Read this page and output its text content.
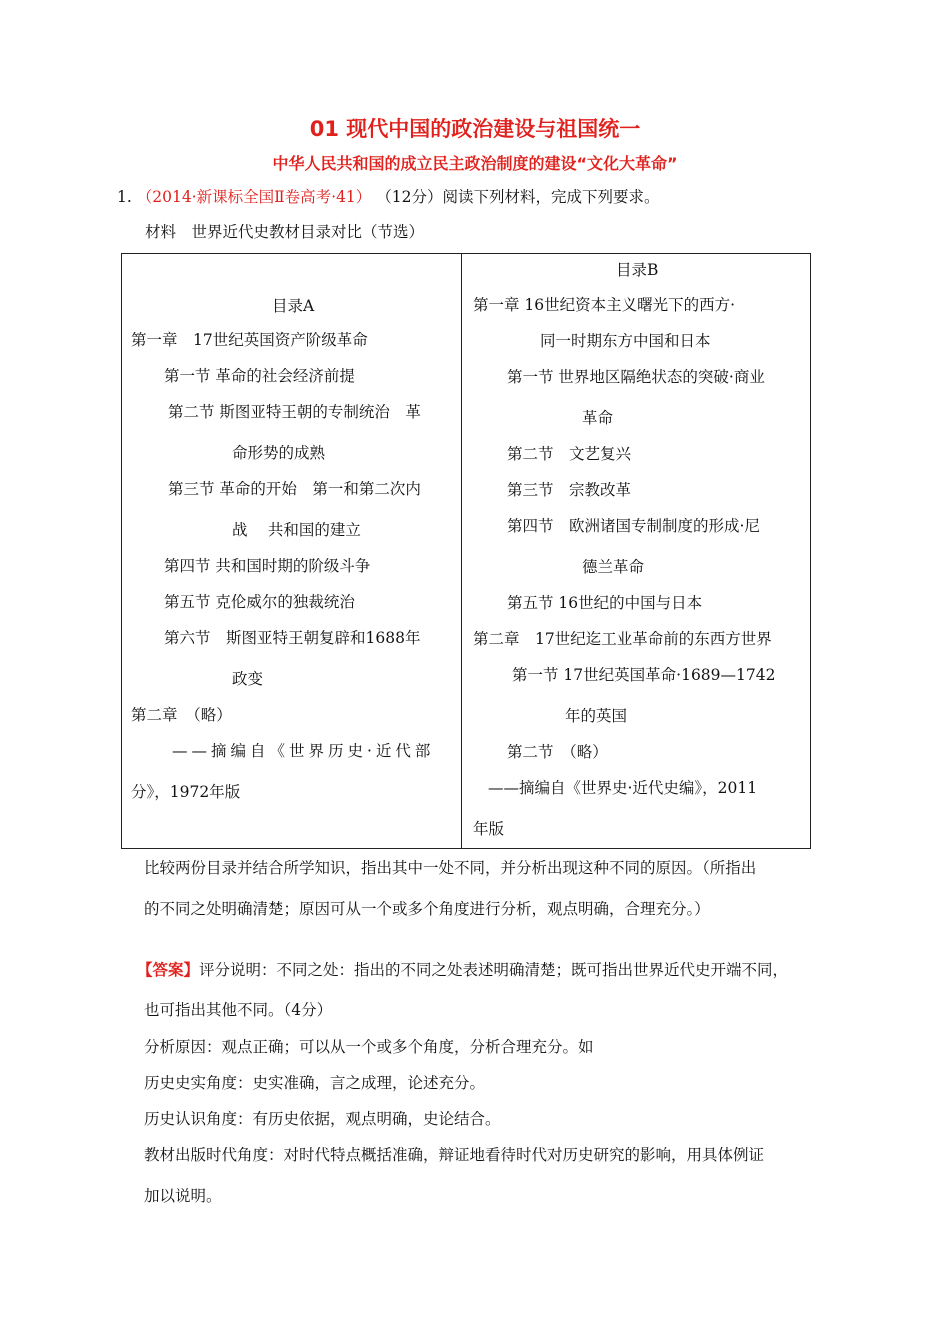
01 现代中国的政治建设与祖国统一
中华人民共和国的成立民主政治制度的建设“文化大革命”
1. （2014·新课标全国Ⅱ卷高考·41） （12分）阅读下列材料，完成下列要求。
材料　世界近代史教材目录对比（节选）
目录A
第一章　17世纪英国资产阶级革命
第一节 革命的社会经济前提
第二节 斯图亚特王朝的专制统治　革
命形势的成熟
第三节 革命的开始　第一和第二次内
战　 共和国的建立
第四节 共和国时期的阶级斗争
第五节 克伦威尔的独裁统治
第六节　斯图亚特王朝复辟和1688年
政变
第二章　（略）
——摘编自《世界历史·近代部
分》，1972年版
目录B
第一章 16世纪资本主义曙光下的西方·
同一时期东方中国和日本
第一节 世界地区隔绝状态的突破·商业
革命
第二节　文艺复兴
第三节　宗教改革
第四节　欧洲诸国专制制度的形成·尼
德兰革命
第五节 16世纪的中国与日本
第二章　17世纪迄工业革命前的东西方世界
第一节 17世纪英国革命·1689—1742
年的英国
第二节　（略）
——摘编自《世界史·近代史编》，2011
年版
比较两份目录并结合所学知识，指出其中一处不同，并分析出现这种不同的原因。（所指出
的不同之处明确清楚；原因可从一个或多个角度进行分析，观点明确，合理充分。）
【答案】评分说明：不同之处：指出的不同之处表述明确清楚；既可指出世界近代史开端不同，
也可指出其他不同。（4分）
分析原因：观点正确；可以从一个或多个角度，分析合理充分。如
历史史实角度：史实准确，言之成理，论述充分。
历史认识角度：有历史依据，观点明确，史论结合。
教材出版时代角度：对时代特点概括准确，辩证地看待时代对历史研究的影响，用具体例证
加以说明。
